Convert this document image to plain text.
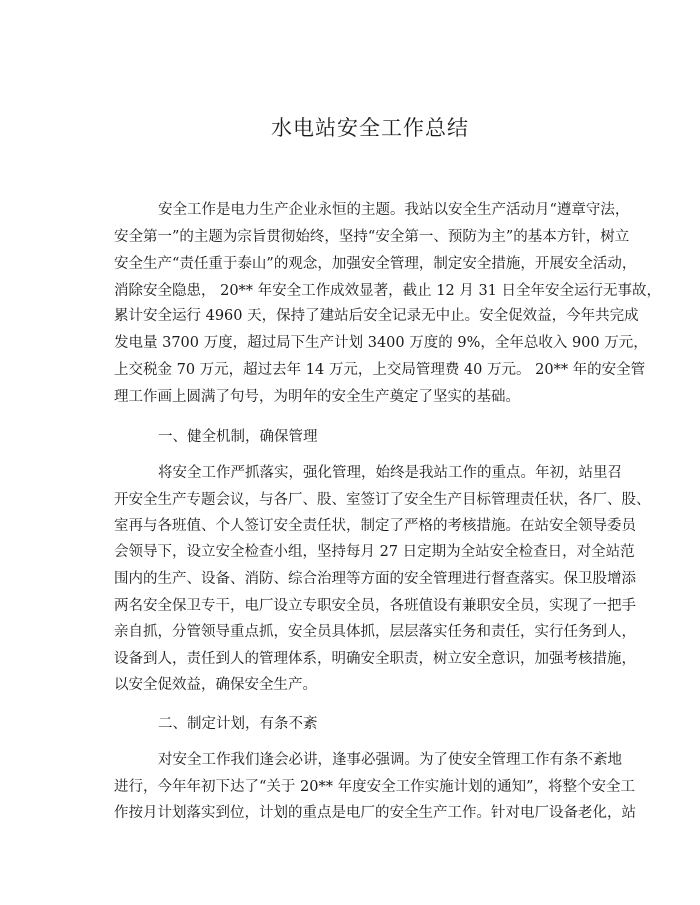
水电站安全工作总结
安全工作是电力生产企业永恒的主题。我站以安全生产活动月“遵章守法，
安全第一”的主题为宗旨贯彻始终，坚持“安全第一、预防为主”的基本方针，树立
安全生产“责任重于泰山”的观念，加强安全管理，制定安全措施，开展安全活动，
消除安全隐患， 20** 年安全工作成效显著，截止 12 月 31 日全年安全运行无事故，
累计安全运行 4960 天，保持了建站后安全记录无中止。安全促效益，今年共完成
发电量 3700 万度，超过局下生产计划 3400 万度的 9%，全年总收入 900 万元，
上交税金 70 万元，超过去年 14 万元，上交局管理费 40 万元。 20** 年的安全管
理工作画上圆满了句号，为明年的安全生产奠定了坚实的基础。
一、健全机制，确保管理
将安全工作严抓落实，强化管理，始终是我站工作的重点。年初，站里召
开安全生产专题会议，与各厂、股、室签订了安全生产目标管理责任状，各厂、股、
室再与各班值、个人签订安全责任状，制定了严格的考核措施。在站安全领导委员
会领导下，设立安全检查小组，坚持每月 27 日定期为全站安全检查日，对全站范
围内的生产、设备、消防、综合治理等方面的安全管理进行督查落实。保卫股增添
两名安全保卫专干，电厂设立专职安全员，各班值设有兼职安全员，实现了一把手
亲自抓，分管领导重点抓，安全员具体抓，层层落实任务和责任，实行任务到人，
设备到人，责任到人的管理体系，明确安全职责，树立安全意识，加强考核措施，
以安全促效益，确保安全生产。
二、制定计划，有条不紊
对安全工作我们逢会必讲，逢事必强调。为了使安全管理工作有条不紊地
进行，今年年初下达了“关于 20** 年度安全工作实施计划的通知”，将整个安全工
作按月计划落实到位，计划的重点是电厂的安全生产工作。针对电厂设备老化，站
